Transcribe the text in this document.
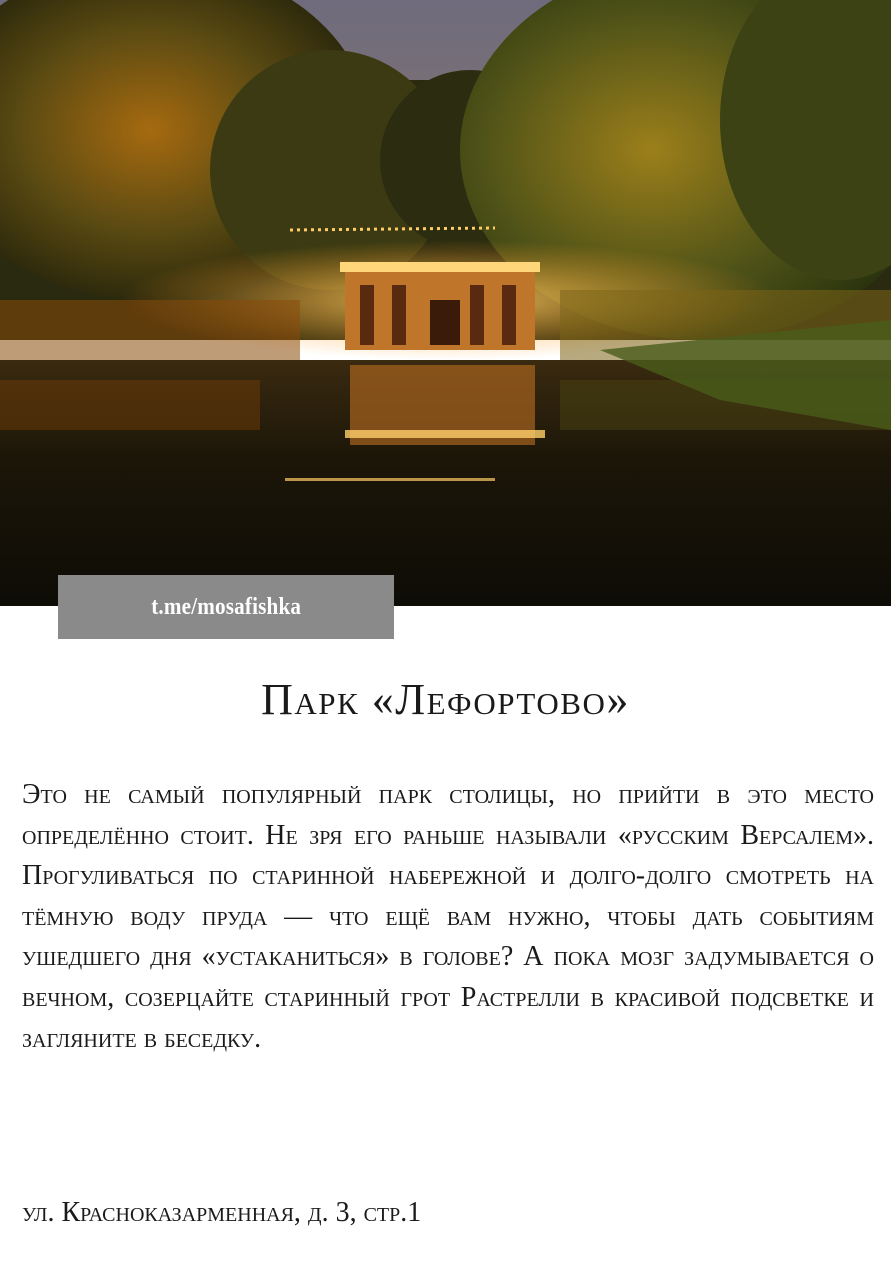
t.me/mosafishka
Парк «Лефортово»
Это не самый популярный парк столицы, но прийти в это место определённо стоит. Не зря его раньше называли «русским Версалем». Прогуливаться по старинной набережной и долго-долго смотреть на тёмную воду пруда — что ещё вам нужно, чтобы дать событиям ушедшего дня «устаканиться» в голове? А пока мозг задумывается о вечном, созерцайте старинный грот Растрелли в красивой подсветке и загляните в беседку.
ул. Красноказарменная, д. 3, стр.1
